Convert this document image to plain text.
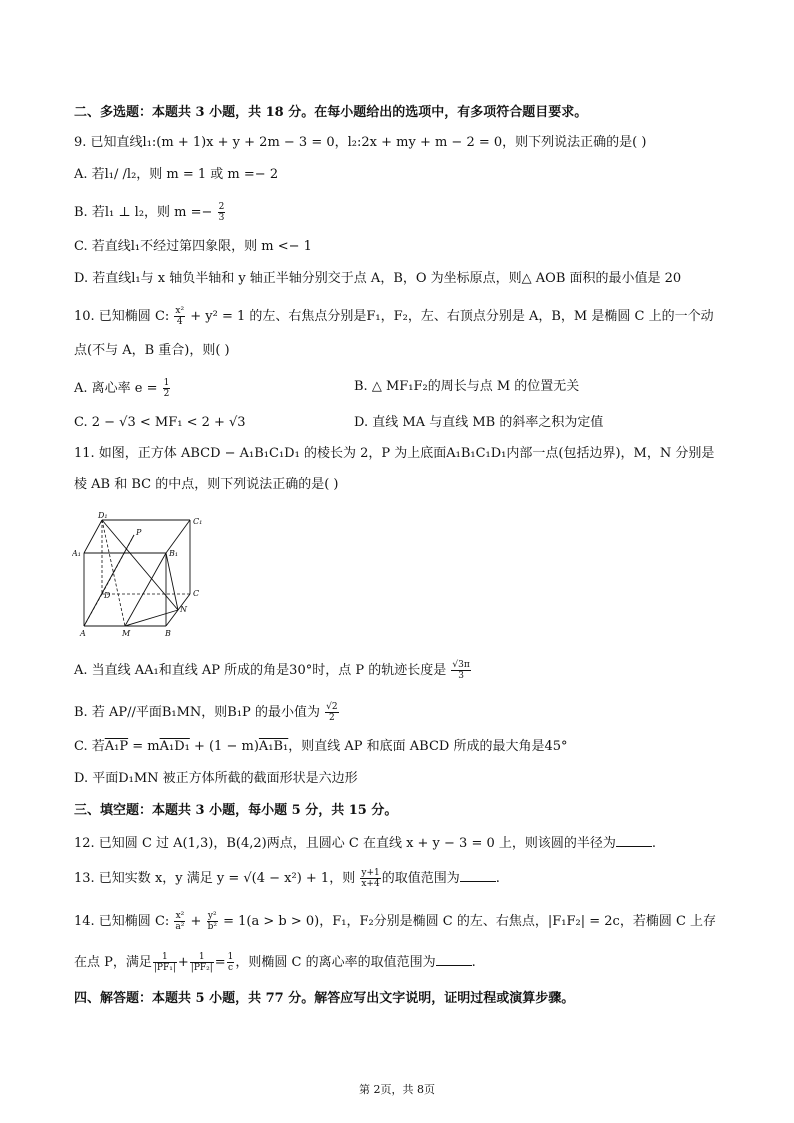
二、多选题：本题共 3 小题，共 18 分。在每小题给出的选项中，有多项符合题目要求。
9. 已知直线l₁:(m + 1)x + y + 2m − 3 = 0，l₂:2x + my + m − 2 = 0，则下列说法正确的是( )
A. 若l₁/ /l₂，则 m = 1 或 m =− 2
B. 若l₁ ⊥ l₂，则 $m =- \frac{2}{3}$
C. 若直线l₁不经过第四象限，则 m <− 1
D. 若直线l₁与 x 轴负半轴和 y 轴正半轴分别交于点 A，B，O 为坐标原点，则△ AOB 面积的最小值是 20
10. 已知椭圆 C: $\frac{\text{x²}}{4} + y^2 = 1$ 的左、右焦点分别是F₁，F₂，左、右顶点分别是 A，B，M 是椭圆 C 上的一个动
点(不与 A，B 重合)，则( )
A. 离心率 $e = \frac{1}{2}$	B. △ MF₁F₂的周长与点 M 的位置无关
C. 2 − √3 < MF₁ < 2 + √3	D. 直线 MA 与直线 MB 的斜率之积为定值
11. 如图，正方体 ABCD − A₁B₁C₁D₁ 的棱长为 2，P 为上底面A₁B₁C₁D₁内部一点(包括边界)，M，N 分别是
棱 AB 和 BC 的中点，则下列说法正确的是( )
D₁
C₁
A₁	B₁
P
D	C
N
A	M	B
A. 当直线 AA₁和直线 AP 所成的角是30°时，点 P 的轨迹长度是 $\frac{√3\pi}{3}$
B. 若 AP//平面B₁MN，则B₁P 的最小值为 $\frac{√2}{2}$
C. 若A₁P = mA₁D₁ + (1 − m)A₁B₁，则直线 AP 和底面 ABCD 所成的最大角是45°
D. 平面D₁MN 被正方体所截的截面形状是六边形
三、填空题：本题共 3 小题，每小题 5 分，共 15 分。
12. 已知圆 C 过 A(1,3)，B(4,2)两点，且圆心 C 在直线 x + y − 3 = 0 上，则该圆的半径为	.
13. 已知实数 x，y 满足 y = √(4 − x²) + 1，则 $\frac{y+1}{x+4}$ 的取值范围为	.
14. 已知椭圆 C: $\frac{\text{x²}}{\text{a²}} + \frac{\text{y²}}{\text{b²}} = 1(a > b > 0)$，F₁，F₂分别是椭圆 C 的左、右焦点，|F₁F₂| = 2c，若椭圆 C 上存
在点 P，满足 $\frac{1}{\text{|PF₁|}} + \frac{1}{\text{|PF₂|}} = \frac{1}{c}$ ，则椭圆 C 的离心率的取值范围为	.
四、解答题：本题共 5 小题，共 77 分。解答应写出文字说明，证明过程或演算步骤。
第 2页，共 8页
